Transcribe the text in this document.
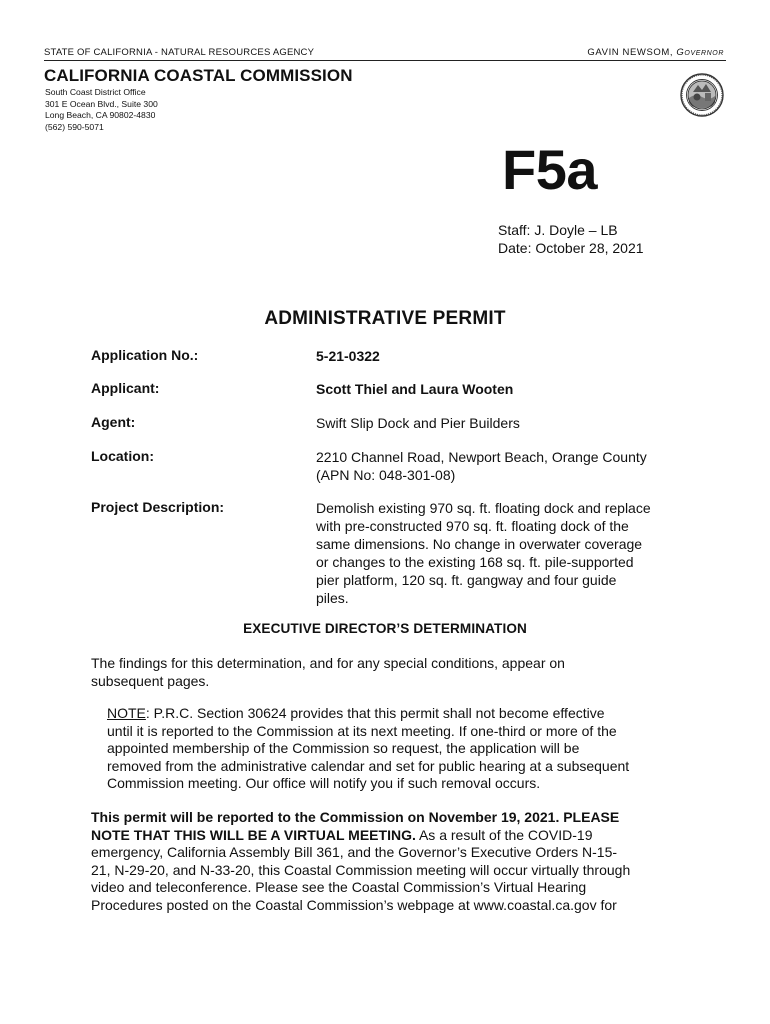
STATE OF CALIFORNIA - NATURAL RESOURCES AGENCY	GAVIN NEWSOM, Governor
CALIFORNIA COASTAL COMMISSION
South Coast District Office
301 E Ocean Blvd., Suite 300
Long Beach, CA 90802-4830
(562) 590-5071
F5a
Staff: J. Doyle – LB
Date: October 28, 2021
ADMINISTRATIVE PERMIT
Application No.:	5-21-0322
Applicant:	Scott Thiel and Laura Wooten
Agent:	Swift Slip Dock and Pier Builders
Location:	2210 Channel Road, Newport Beach, Orange County
(APN No: 048-301-08)
Project Description:	Demolish existing 970 sq. ft. floating dock and replace
with pre-constructed 970 sq. ft. floating dock of the
same dimensions. No change in overwater coverage
or changes to the existing 168 sq. ft. pile-supported
pier platform, 120 sq. ft. gangway and four guide
piles.
EXECUTIVE DIRECTOR’S DETERMINATION
The findings for this determination, and for any special conditions, appear on
subsequent pages.
NOTE: P.R.C. Section 30624 provides that this permit shall not become effective
until it is reported to the Commission at its next meeting. If one-third or more of the
appointed membership of the Commission so request, the application will be
removed from the administrative calendar and set for public hearing at a subsequent
Commission meeting. Our office will notify you if such removal occurs.
This permit will be reported to the Commission on November 19, 2021. PLEASE
NOTE THAT THIS WILL BE A VIRTUAL MEETING. As a result of the COVID-19
emergency, California Assembly Bill 361, and the Governor’s Executive Orders N-15-
21, N-29-20, and N-33-20, this Coastal Commission meeting will occur virtually through
video and teleconference. Please see the Coastal Commission’s Virtual Hearing
Procedures posted on the Coastal Commission’s webpage at www.coastal.ca.gov for
